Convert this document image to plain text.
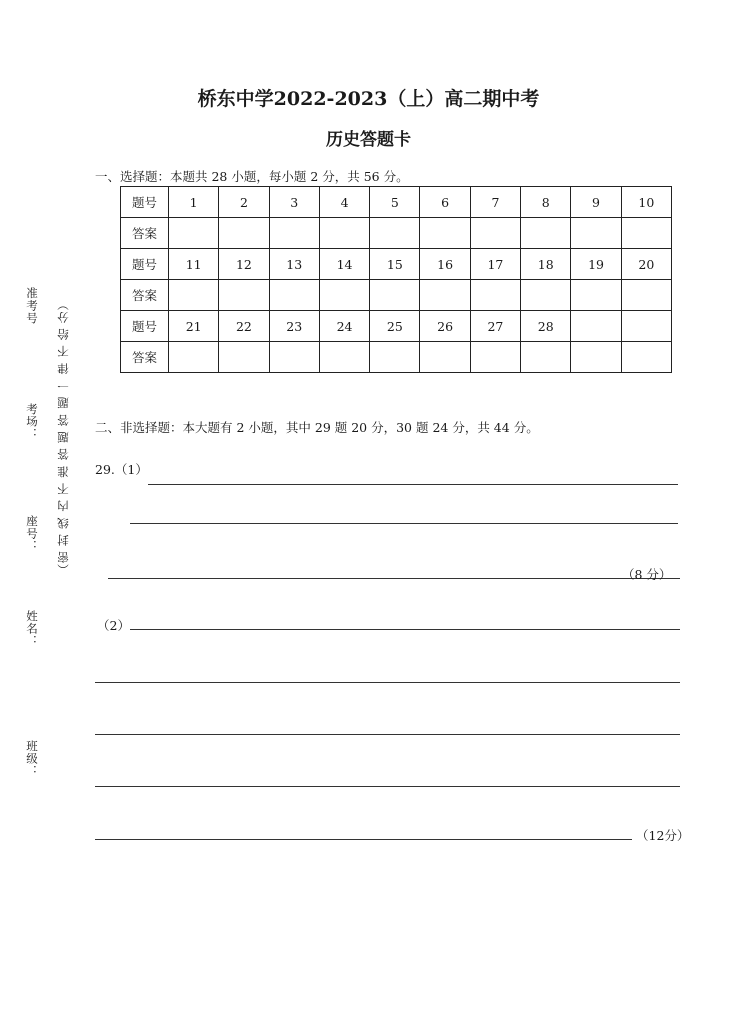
桥东中学2022-2023（上）高二期中考
历史答题卡
一、选择题：本题共 28 小题，每小题 2 分，共 56 分。
题号	1	2	3	4	5	6	7	8	9	10
答案										
题号	11	12	13	14	15	16	17	18	19	20
答案										
题号	21	22	23	24	25	26	27	28		
答案										
二、非选择题：本大题有 2 小题，其中 29 题 20 分，30 题 24 分，共 44 分。
29.（1）
（8 分）
（2）
（12分）
准考号
考场：
座号：
姓名：
班级：
（密 封 线 内 不 准 答 题 答 题 一 律 不 给 分）
